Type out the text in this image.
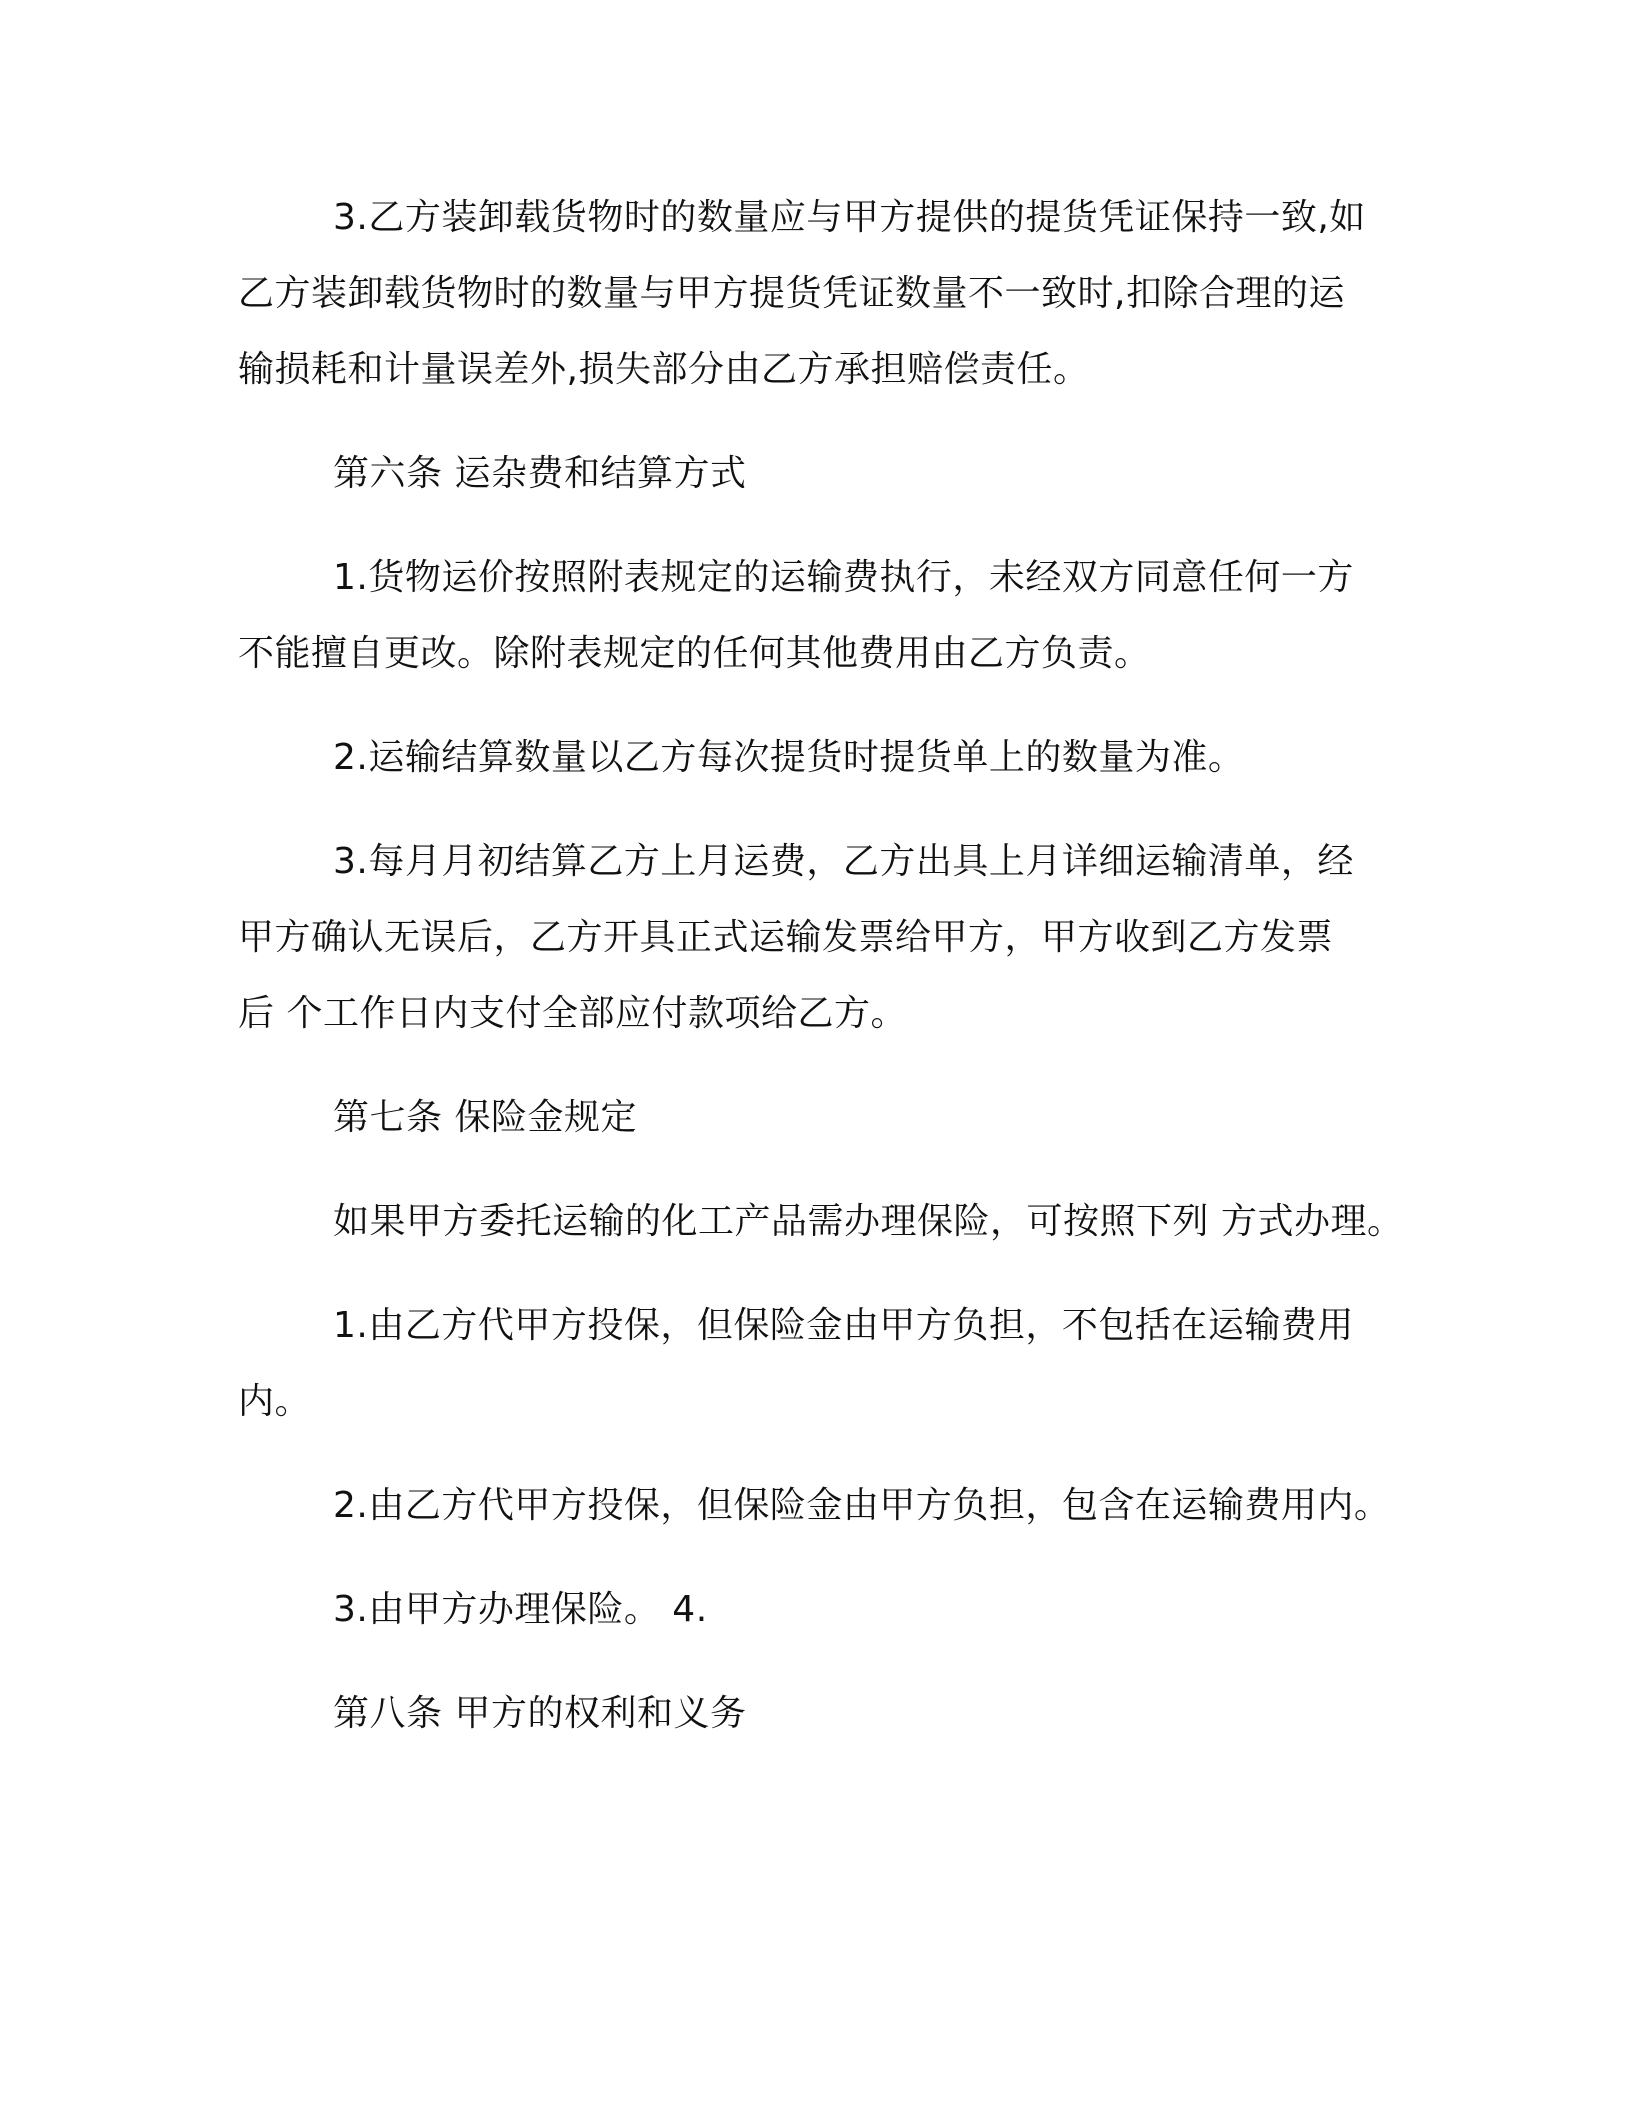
3.乙方装卸载货物时的数量应与甲方提供的提货凭证保持一致,如
乙方装卸载货物时的数量与甲方提货凭证数量不一致时,扣除合理的运
输损耗和计量误差外,损失部分由乙方承担赔偿责任。
第六条 运杂费和结算方式
1.货物运价按照附表规定的运输费执行，未经双方同意任何一方
不能擅自更改。除附表规定的任何其他费用由乙方负责。
2.运输结算数量以乙方每次提货时提货单上的数量为准。
3.每月月初结算乙方上月运费，乙方出具上月详细运输清单，经
甲方确认无误后，乙方开具正式运输发票给甲方，甲方收到乙方发票
后 个工作日内支付全部应付款项给乙方。
第七条 保险金规定
如果甲方委托运输的化工产品需办理保险，可按照下列 方式办理。
1.由乙方代甲方投保，但保险金由甲方负担，不包括在运输费用
内。
2.由乙方代甲方投保，但保险金由甲方负担，包含在运输费用内。
3.由甲方办理保险。 4.
第八条 甲方的权利和义务
